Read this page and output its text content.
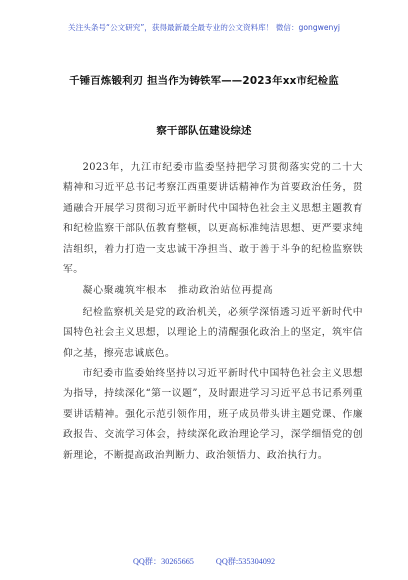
关注头条号“公文研究”，获得最新最全最专业的公文资料库！ 微信：gongwenyj
千锤百炼锻利刃 担当作为铸铁军——2023年xx市纪检监
察干部队伍建设综述

2023年，九江市纪委市监委坚持把学习贯彻落实党的二十大精神和习近平总书记考察江西重要讲话精神作为首要政治任务，贯通融合开展学习贯彻习近平新时代中国特色社会主义思想主题教育和纪检监察干部队伍教育整顿，以更高标准纯洁思想、更严要求纯洁组织，着力打造一支忠诚干净担当、敢于善于斗争的纪检监察铁军。

凝心聚魂筑牢根本　推动政治站位再提高

纪检监察机关是党的政治机关，必须学深悟透习近平新时代中国特色社会主义思想，以理论上的清醒强化政治上的坚定，筑牢信仰之基，擦亮忠诚底色。

市纪委市监委始终坚持以习近平新时代中国特色社会主义思想为指导，持续深化“第一议题”，及时跟进学习习近平总书记系列重要讲话精神。强化示范引领作用，班子成员带头讲主题党课、作廉政报告、交流学习体会，持续深化政治理论学习，深学细悟党的创新理论，不断提高政治判断力、政治领悟力、政治执行力。

QQ群：30265665	QQ群:535304092
